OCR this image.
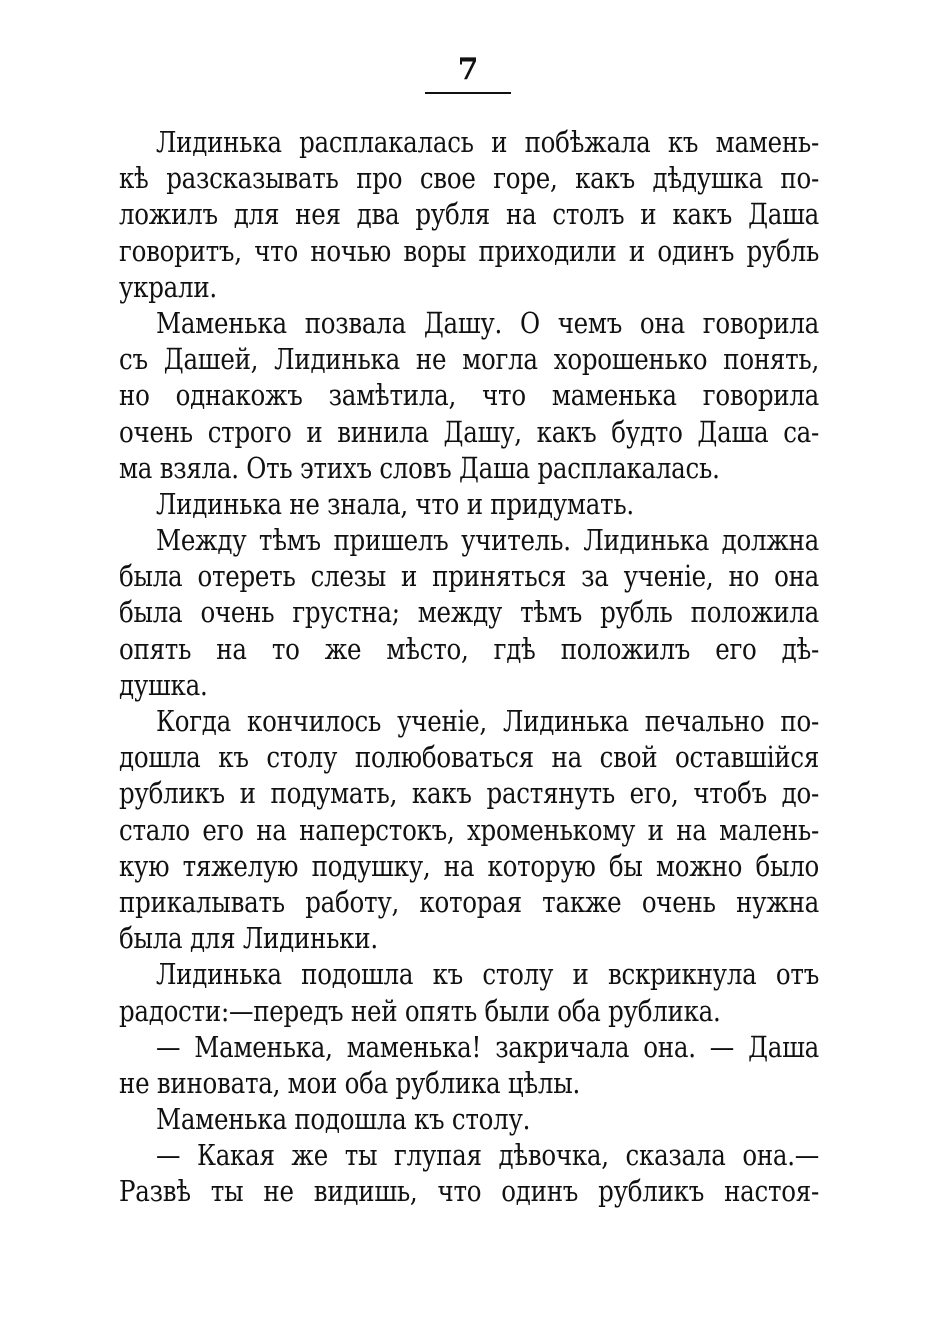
7
Лидинька расплакалась и побѣжала къ мамень-
кѣ разсказывать про свое горе, какъ дѣдушка по-
ложилъ для нея два рубля на столъ и какъ Даша
говоритъ, что ночью воры приходили и одинъ рубль
украли.
Маменька позвала Дашу. О чемъ она говорила
съ Дашей, Лидинька не могла хорошенько понять,
но однакожъ замѣтила, что маменька говорила
очень строго и винила Дашу, какъ будто Даша са-
ма взяла. Оть этихъ словъ Даша расплакалась.
Лидинька не знала, что и придумать.
Между тѣмъ пришелъ учитель. Лидинька должна
была отереть слезы и приняться за ученіе, но она
была очень грустна; между тѣмъ рубль положила
опять на то же мѣсто, гдѣ положилъ его дѣ-
душка.
Когда кончилось ученіе, Лидинька печально по-
дошла къ столу полюбоваться на свой оставшійся
рубликъ и подумать, какъ растянуть его, чтобъ до-
стало его на наперстокъ, хроменькому и на малень-
кую тяжелую подушку, на которую бы можно было
прикалывать работу, которая также очень нужна
была для Лидиньки.
Лидинька подошла къ столу и вскрикнула отъ
радости:—передъ ней опять были оба рублика.
— Маменька, маменька! закричала она. — Даша
не виновата, мои оба рублика цѣлы.
Маменька подошла къ столу.
— Какая же ты глупая дѣвочка, сказала она.—
Развѣ ты не видишь, что одинъ рубликъ настоя-
